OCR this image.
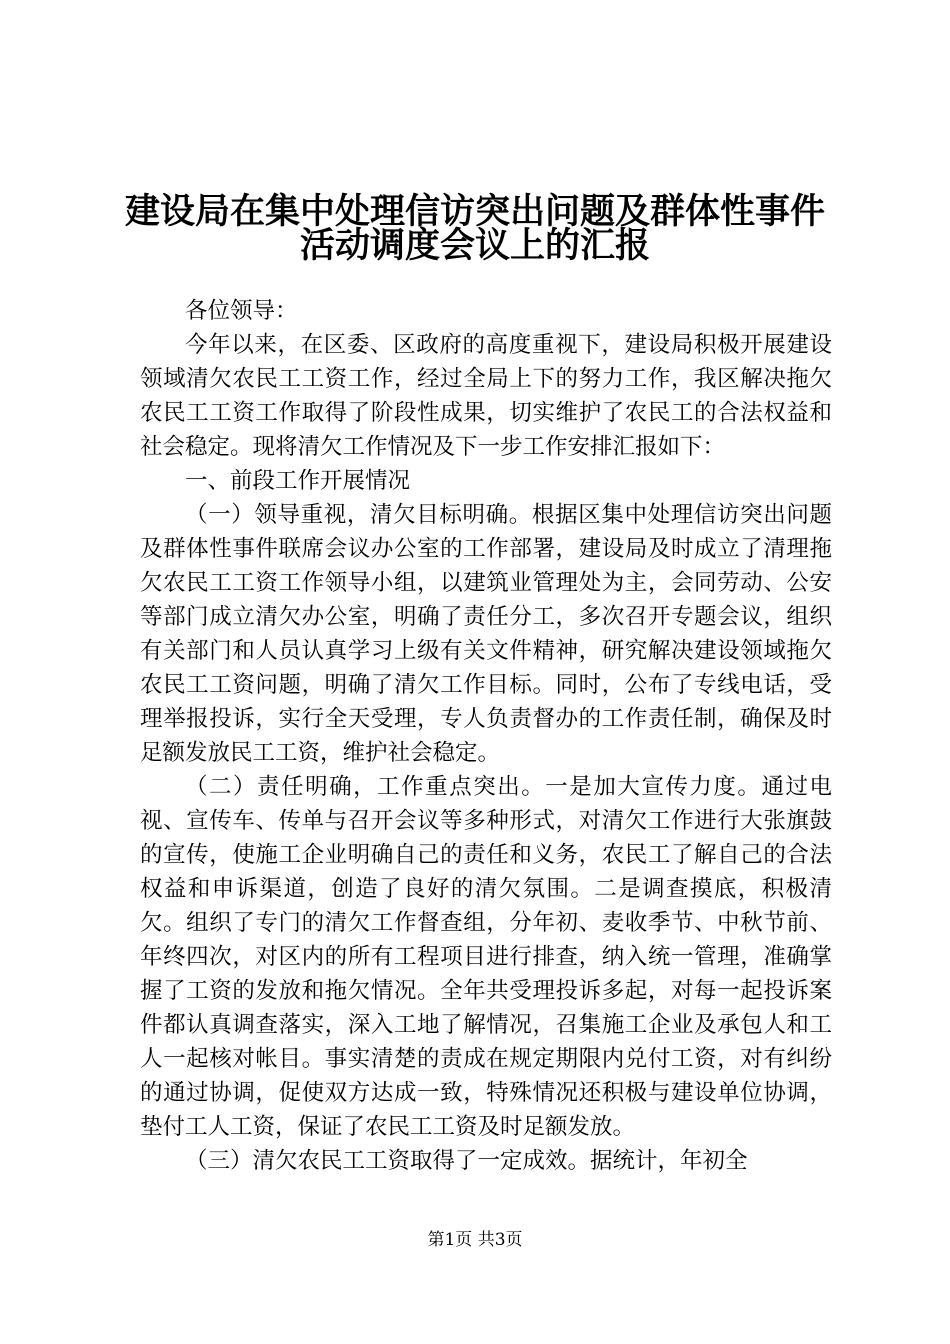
建设局在集中处理信访突出问题及群体性事件
活动调度会议上的汇报

各位领导：

今年以来，在区委、区政府的高度重视下，建设局积极开展建设领域清欠农民工工资工作，经过全局上下的努力工作，我区解决拖欠农民工工资工作取得了阶段性成果，切实维护了农民工的合法权益和社会稳定。现将清欠工作情况及下一步工作安排汇报如下：

一、前段工作开展情况

（一）领导重视，清欠目标明确。根据区集中处理信访突出问题及群体性事件联席会议办公室的工作部署，建设局及时成立了清理拖欠农民工工资工作领导小组，以建筑业管理处为主，会同劳动、公安等部门成立清欠办公室，明确了责任分工，多次召开专题会议，组织有关部门和人员认真学习上级有关文件精神，研究解决建设领域拖欠农民工工资问题，明确了清欠工作目标。同时，公布了专线电话，受理举报投诉，实行全天受理，专人负责督办的工作责任制，确保及时足额发放民工工资，维护社会稳定。

（二）责任明确，工作重点突出。一是加大宣传力度。通过电视、宣传车、传单与召开会议等多种形式，对清欠工作进行大张旗鼓的宣传，使施工企业明确自己的责任和义务，农民工了解自己的合法权益和申诉渠道，创造了良好的清欠氛围。二是调查摸底，积极清欠。组织了专门的清欠工作督查组，分年初、麦收季节、中秋节前、年终四次，对区内的所有工程项目进行排查，纳入统一管理，准确掌握了工资的发放和拖欠情况。全年共受理投诉多起，对每一起投诉案件都认真调查落实，深入工地了解情况，召集施工企业及承包人和工人一起核对帐目。事实清楚的责成在规定期限内兑付工资，对有纠纷的通过协调，促使双方达成一致，特殊情况还积极与建设单位协调，垫付工人工资，保证了农民工工资及时足额发放。

（三）清欠农民工工资取得了一定成效。据统计，年初全

第1页 共3页
